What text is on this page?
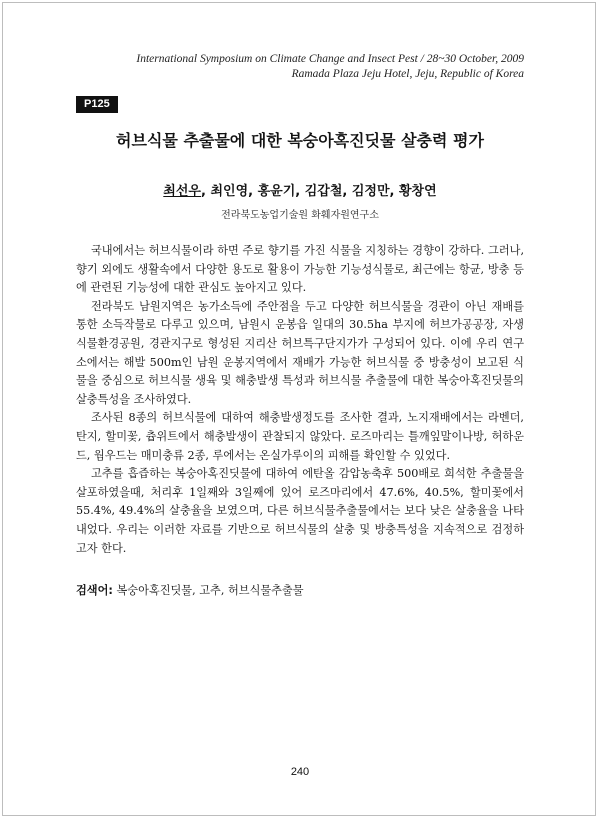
International Symposium on Climate Change and Insect Pest / 28~30 October, 2009
Ramada Plaza Jeju Hotel, Jeju, Republic of Korea
P125
허브식물 추출물에 대한 복숭아혹진딧물 살충력 평가
최선우, 최인영, 홍윤기, 김갑철, 김정만, 황창연
전라북도농업기술원 화훼자원연구소

국내에서는 허브식물이라 하면 주로 향기를 가진 식물을 지칭하는 경향이 강하다. 그러나, 향기 외에도 생활속에서 다양한 용도로 활용이 가능한 기능성식물로, 최근에는 항균, 방충 등에 관련된 기능성에 대한 관심도 높아지고 있다.

전라북도 남원지역은 농가소득에 주안점을 두고 다양한 허브식물을 경관이 아닌 재배를 통한 소득작물로 다루고 있으며, 남원시 운봉읍 일대의 30.5ha 부지에 허브가공공장, 자생식물환경공원, 경관지구로 형성된 지리산 허브특구단지가가 구성되어 있다. 이에 우리 연구소에서는 해발 500m인 남원 운봉지역에서 재배가 가능한 허브식물 중 방충성이 보고된 식물을 중심으로 허브식물 생육 및 해충발생 특성과 허브식물 추출물에 대한 복숭아혹진딧물의 살충특성을 조사하였다.

조사된 8종의 허브식물에 대하여 해충발생정도를 조사한 결과, 노지재배에서는 라벤더, 탄지, 할미꽃, 츕위트에서 해충발생이 관찰되지 않았다. 로즈마리는 틀깨잎말이나방, 허하운드, 웜우드는 매미충류 2종, 루에서는 온실가루이의 피해를 확인할 수 있었다.

고추를 흡즙하는 복숭아혹진딧물에 대하여 에탄올 감압농축후 500배로 희석한 추출물을 살포하였을때, 처리후 1일째와 3일째에 있어 로즈마리에서 47.6%, 40.5%, 할미꽃에서 55.4%, 49.4%의 살충율을 보였으며, 다른 허브식물추출물에서는 보다 낮은 살충율을 나타내었다. 우리는 이러한 자료를 기반으로 허브식물의 살충 및 방충특성을 지속적으로 검정하고자 한다.

검색어: 복숭아혹진딧물, 고추, 허브식물추출물
240
